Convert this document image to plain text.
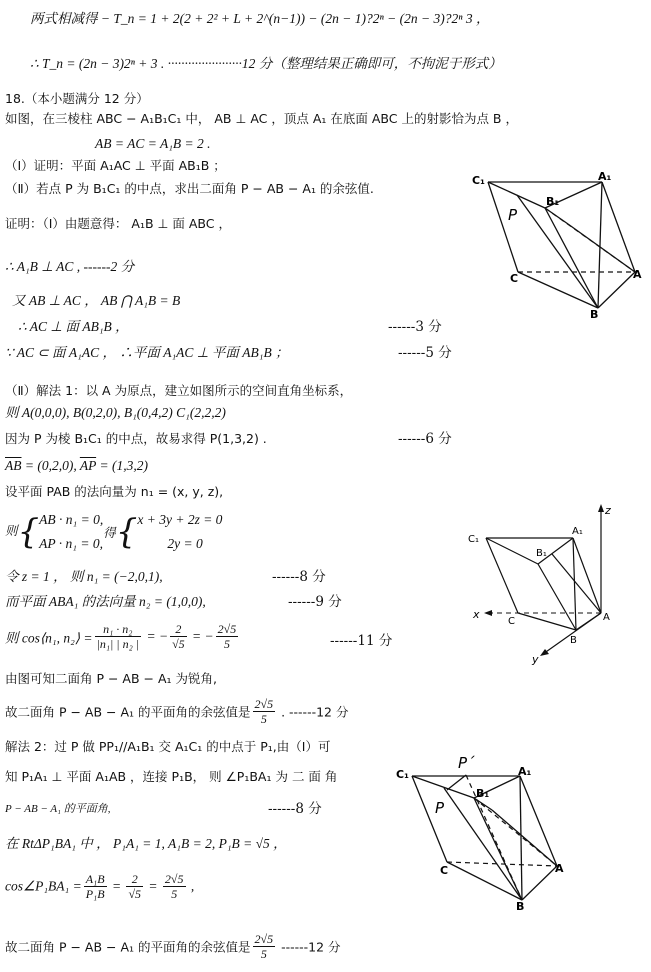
两式相减得 − T_n = 1 + 2(2 + 2² + L + 2^(n−1)) − (2n − 1)?2ⁿ − (2n − 3)?2ⁿ 3 ，
∴ T_n = (2n − 3)2ⁿ + 3 . ······················12 分（整理结果正确即可，不拘泥于形式）
18.（本小题满分 12 分）
如图，在三棱柱 ABC − A₁B₁C₁ 中， AB ⊥ AC ，顶点 A₁ 在底面 ABC 上的射影恰为点 B ，
AB = AC = A₁B = 2 .
（Ⅰ）证明：平面 A₁AC ⊥ 平面 AB₁B ；
（Ⅱ）若点 P 为 B₁C₁ 的中点，求出二面角 P − AB − A₁ 的余弦值.
证明：（Ⅰ）由题意得： A₁B ⊥ 面 ABC ，
∴ A₁B ⊥ AC , ------2 分
又 AB ⊥ AC ， AB ⋂ A₁B = B
∴ AC ⊥ 面 AB₁B ，	------3 分
∵ AC ⊂ 面 A₁AC ， ∴平面 A₁AC ⊥ 平面 AB₁B ；	------5 分
（Ⅱ）解法 1：以 A 为原点，建立如图所示的空间直角坐标系，
则 A(0,0,0), B(0,2,0), B₁(0,4,2) C₁(2,2,2)
因为 P 为棱 B₁C₁ 的中点，故易求得 P(1,3,2) .	------6 分
$\overline{AB} = (0,2,0)$, $\overline{AP} = (1,3,2)$
设平面 PAB 的法向量为 n₁ = (x, y, z),
则{ AB · n₁ = 0,
AP · n₁ = 0,
得{ x + 3y + 2z = 0
2y = 0
令 z = 1 ， 则 n₁ = (−2,0,1),	------8 分
而平面 ABA₁ 的法向量 n₂ = (1,0,0),	------9 分
则 cos⟨n₁, n₂⟩ = $\frac{\text{n₁ · n₂}}{\text{|n₁| | n₂ |}}$ = − $\frac{2}{√5}$ = − $\frac{2√5}{5}$	------11 分
由图可知二面角 P − AB − A₁ 为锐角,
故二面角 P − AB − A₁ 的平面角的余弦值是 $\frac{2√5}{5}$ . ------12 分
解法 2：过 P 做 PP₁//A₁B₁ 交 A₁C₁ 的中点于 P₁,由（Ⅰ）可
知 P₁A₁ ⊥ 平面 A₁AB ，连接 P₁B， 则 ∠P₁BA₁ 为 二 面 角
P − AB − A₁ 的平面角,	------8 分
在 RtΔP₁BA₁ 中 ， P₁A₁ = 1, A₁B = 2, P₁B = √5 ，
cos∠P₁BA₁ = $\frac{\text{A₁B}}{\text{P₁B}} = \frac{2}{√5} = \frac{2√5}{5}$ ,
故二面角 P − AB − A₁ 的平面角的余弦值是 $\frac{2√5}{5} ------12$ 分
C₁	A₁
B₁
P
C	A
B
z
x
y
C₁
A₁
B₁
C	A
B
P´
C₁	A₁
B₁
P
C	A
B
